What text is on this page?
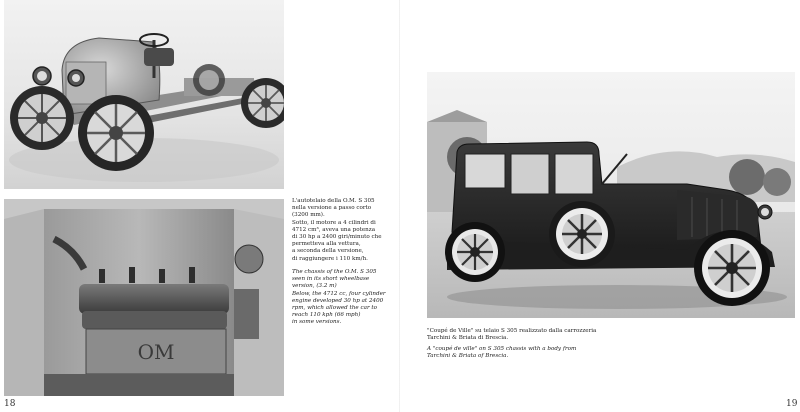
OM
L'autotelaio della O.M. S 305
nella versione a passo corto
(3200 mm).
Sotto, il motore a 4 cilindri di
4712 cm³, aveva una potenza
di 30 hp a 2400 giri/minuto che
permetteva alla vettura,
a seconda della versione,
di raggiungere i 110 km/h.
The chassis of the O.M. S 305
seen in its short wheelbase
version, (3.2 m)
Below, the 4712 cc, four cylinder
engine developed 30 hp at 2400
rpm, which allowed the car to
reach 110 kph (66 mph)
in some versions.
18
"Coupé de Ville" su telaio S 305 realizzato dalla carrozzeria
Tarchini & Briata di Brescia.
A "coupé de ville" on S 305 chassis with a body from
Tarchini & Briata of Brescia.
19
